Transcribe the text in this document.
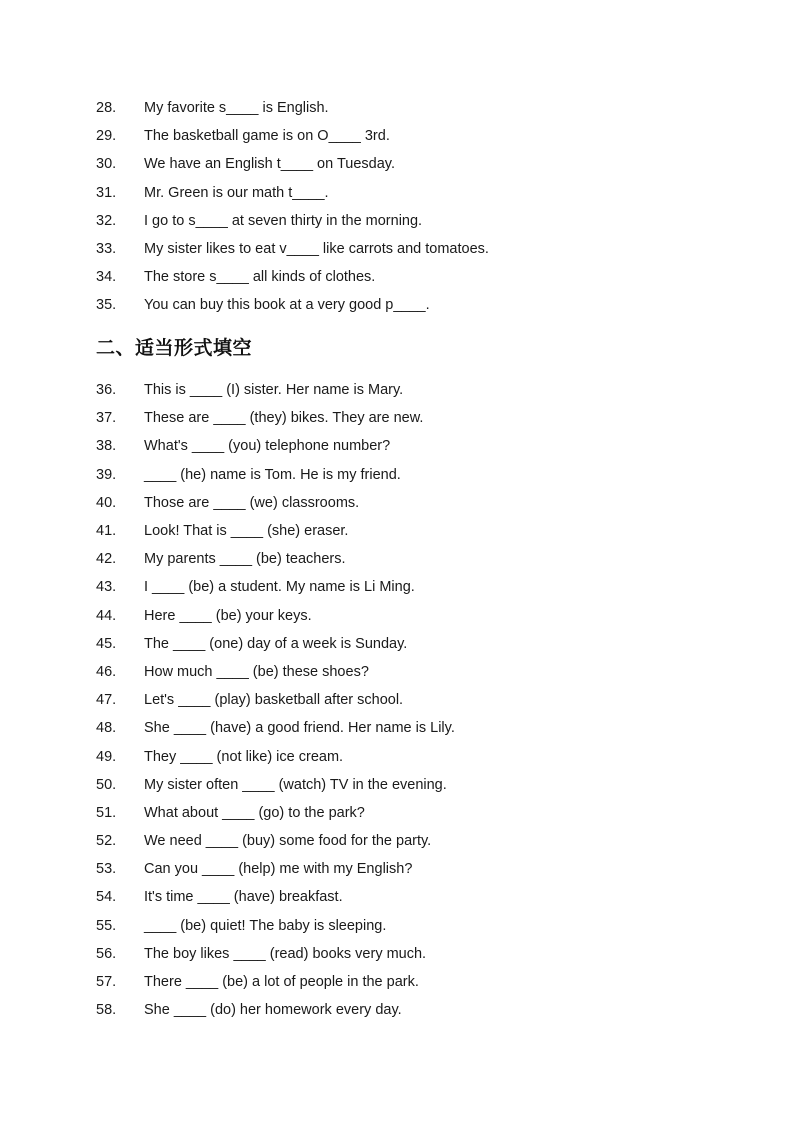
28.	My favorite s____ is English.
29.	The basketball game is on O____ 3rd.
30.	We have an English t____ on Tuesday.
31.	Mr. Green is our math t____.
32.	I go to s____ at seven thirty in the morning.
33.	My sister likes to eat v____ like carrots and tomatoes.
34.	The store s____ all kinds of clothes.
35.	You can buy this book at a very good p____.
二、适当形式填空
36.	This is ____ (I) sister. Her name is Mary.
37.	These are ____ (they) bikes. They are new.
38.	What's ____ (you) telephone number?
39.	____ (he) name is Tom. He is my friend.
40.	Those are ____ (we) classrooms.
41.	Look! That is ____ (she) eraser.
42.	My parents ____ (be) teachers.
43.	I ____ (be) a student. My name is Li Ming.
44.	Here ____ (be) your keys.
45.	The ____ (one) day of a week is Sunday.
46.	How much ____ (be) these shoes?
47.	Let's ____ (play) basketball after school.
48.	She ____ (have) a good friend. Her name is Lily.
49.	They ____ (not like) ice cream.
50.	My sister often ____ (watch) TV in the evening.
51.	What about ____ (go) to the park?
52.	We need ____ (buy) some food for the party.
53.	Can you ____ (help) me with my English?
54.	It's time ____ (have) breakfast.
55.	____ (be) quiet! The baby is sleeping.
56.	The boy likes ____ (read) books very much.
57.	There ____ (be) a lot of people in the park.
58.	She ____ (do) her homework every day.
